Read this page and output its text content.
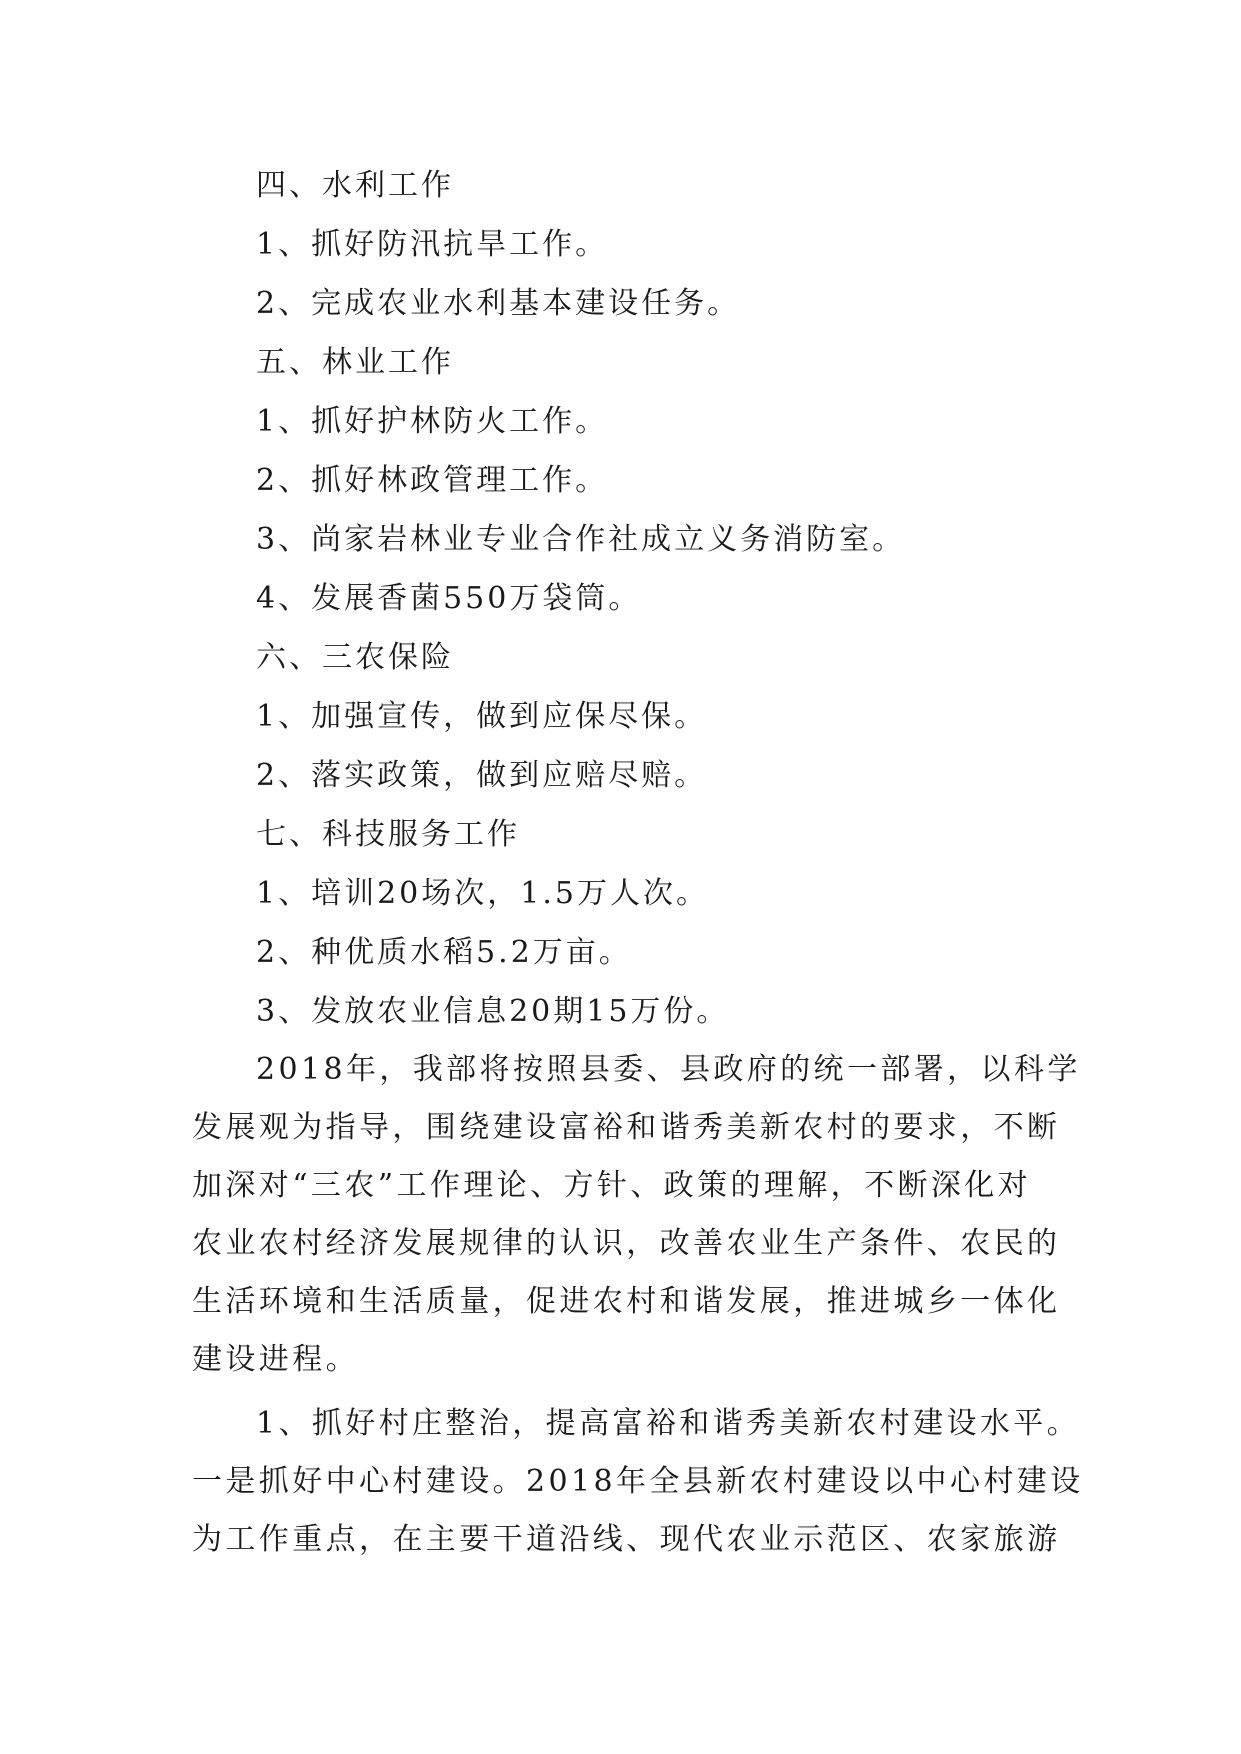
四、水利工作
1、抓好防汛抗旱工作。
2、完成农业水利基本建设任务。
五、林业工作
1、抓好护林防火工作。
2、抓好林政管理工作。
3、尚家岩林业专业合作社成立义务消防室。
4、发展香菌550万袋筒。
六、三农保险
1、加强宣传，做到应保尽保。
2、落实政策，做到应赔尽赔。
七、科技服务工作
1、培训20场次，1.5万人次。
2、种优质水稻5.2万亩。
3、发放农业信息20期15万份。
2018年，我部将按照县委、县政府的统一部署，以科学
发展观为指导，围绕建设富裕和谐秀美新农村的要求，不断
加深对“三农”工作理论、方针、政策的理解，不断深化对
农业农村经济发展规律的认识，改善农业生产条件、农民的
生活环境和生活质量，促进农村和谐发展，推进城乡一体化
建设进程。
1、抓好村庄整治，提高富裕和谐秀美新农村建设水平。
一是抓好中心村建设。2018年全县新农村建设以中心村建设
为工作重点，在主要干道沿线、现代农业示范区、农家旅游
